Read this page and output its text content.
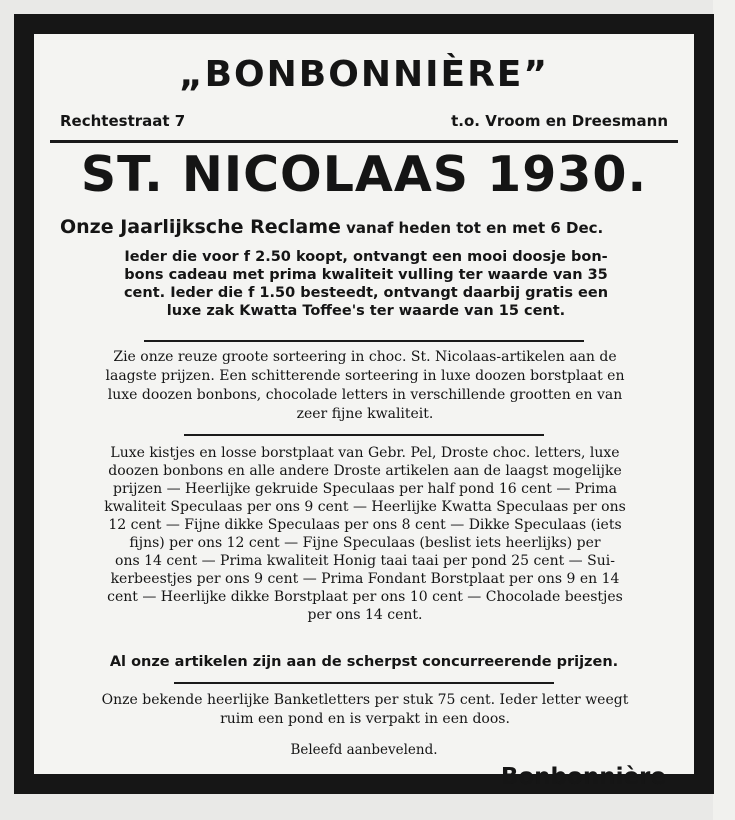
„BONBONNIÈRE”
Rechtestraat 7	t.o. Vroom en Dreesmann
ST. NICOLAAS 1930.
Onze Jaarlijksche Reclame vanaf heden tot en met 6 Dec.
Ieder die voor f 2.50 koopt, ontvangt een mooi doosje bon-
bons cadeau met prima kwaliteit vulling ter waarde van 35
cent. Ieder die f 1.50 besteedt, ontvangt daarbij gratis een
luxe zak Kwatta Toffee's ter waarde van 15 cent.
Zie onze reuze groote sorteering in choc. St. Nicolaas-artikelen aan de
laagste prijzen. Een schitterende sorteering in luxe doozen borstplaat en
luxe doozen bonbons, chocolade letters in verschillende grootten en van
zeer fijne kwaliteit.
Luxe kistjes en losse borstplaat van Gebr. Pel, Droste choc. letters, luxe
doozen bonbons en alle andere Droste artikelen aan de laagst mogelijke
prijzen — Heerlijke gekruide Speculaas per half pond 16 cent — Prima
kwaliteit Speculaas per ons 9 cent — Heerlijke Kwatta Speculaas per ons
12 cent — Fijne dikke Speculaas per ons 8 cent — Dikke Speculaas (iets
fijns) per ons 12 cent — Fijne Speculaas (beslist iets heerlijks) per
ons 14 cent — Prima kwaliteit Honig taai taai per pond 25 cent — Sui-
kerbeestjes per ons 9 cent — Prima Fondant Borstplaat per ons 9 en 14
cent — Heerlijke dikke Borstplaat per ons 10 cent — Chocolade beestjes
per ons 14 cent.
Al onze artikelen zijn aan de scherpst concurreerende prijzen.
Onze bekende heerlijke Banketletters per stuk 75 cent. Ieder letter weegt
ruim een pond en is verpakt in een doos.
Beleefd aanbevelend.
Bonbonnière
